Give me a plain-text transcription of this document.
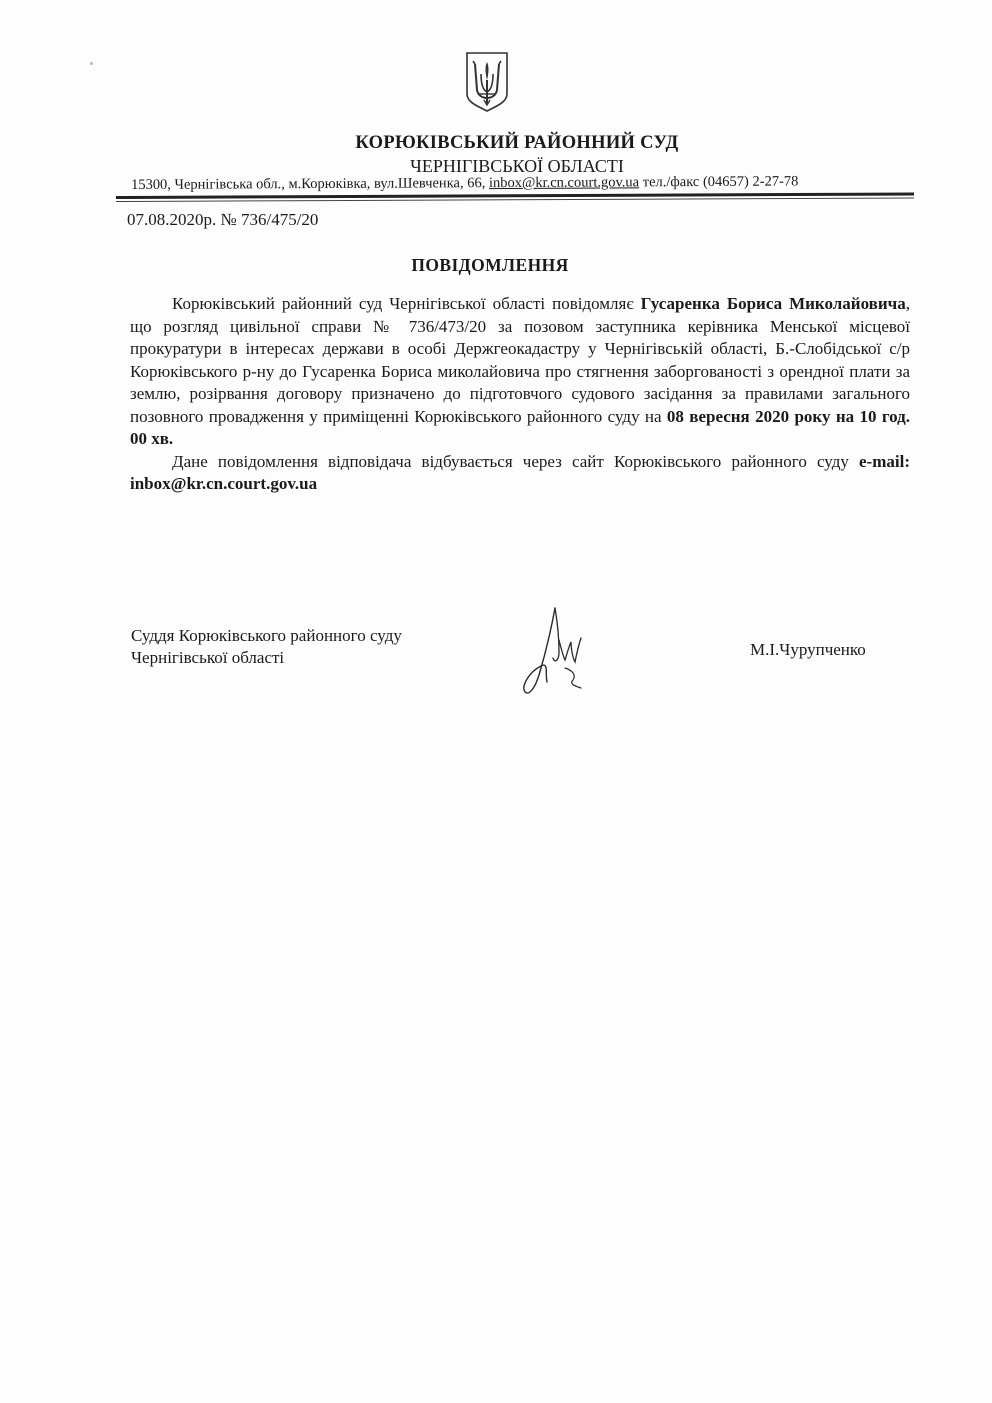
КОРЮКІВСЬКИЙ РАЙОННИЙ СУД
ЧЕРНІГІВСЬКОЇ ОБЛАСТІ
15300, Чернігівська обл., м.Корюківка, вул.Шевченка, 66, inbox@kr.cn.court.gov.ua тел./факс (04657) 2-27-78
07.08.2020р. № 736/475/20
ПОВІДОМЛЕННЯ

Корюківський районний суд Чернігівської області повідомляє Гусаренка Бориса Миколайовича, що розгляд цивільної справи № 736/473/20 за позовом заступника керівника Менської місцевої прокуратури в інтересах держави в особі Держгеокадастру у Чернігівській області, Б.-Слобідської с/р Корюківського р-ну до Гусаренка Бориса миколайовича про стягнення заборгованості з орендної плати за землю, розірвання договору призначено до підготовчого судового засідання за правилами загального позовного провадження у приміщенні Корюківського районного суду на 08 вересня 2020 року на 10 год. 00 хв.

Дане повідомлення відповідача відбувається через сайт Корюківського районного суду e-mail: inbox@kr.cn.court.gov.ua

Суддя Корюківського районного суду
Чернігівської області	М.І.Чурупченко
